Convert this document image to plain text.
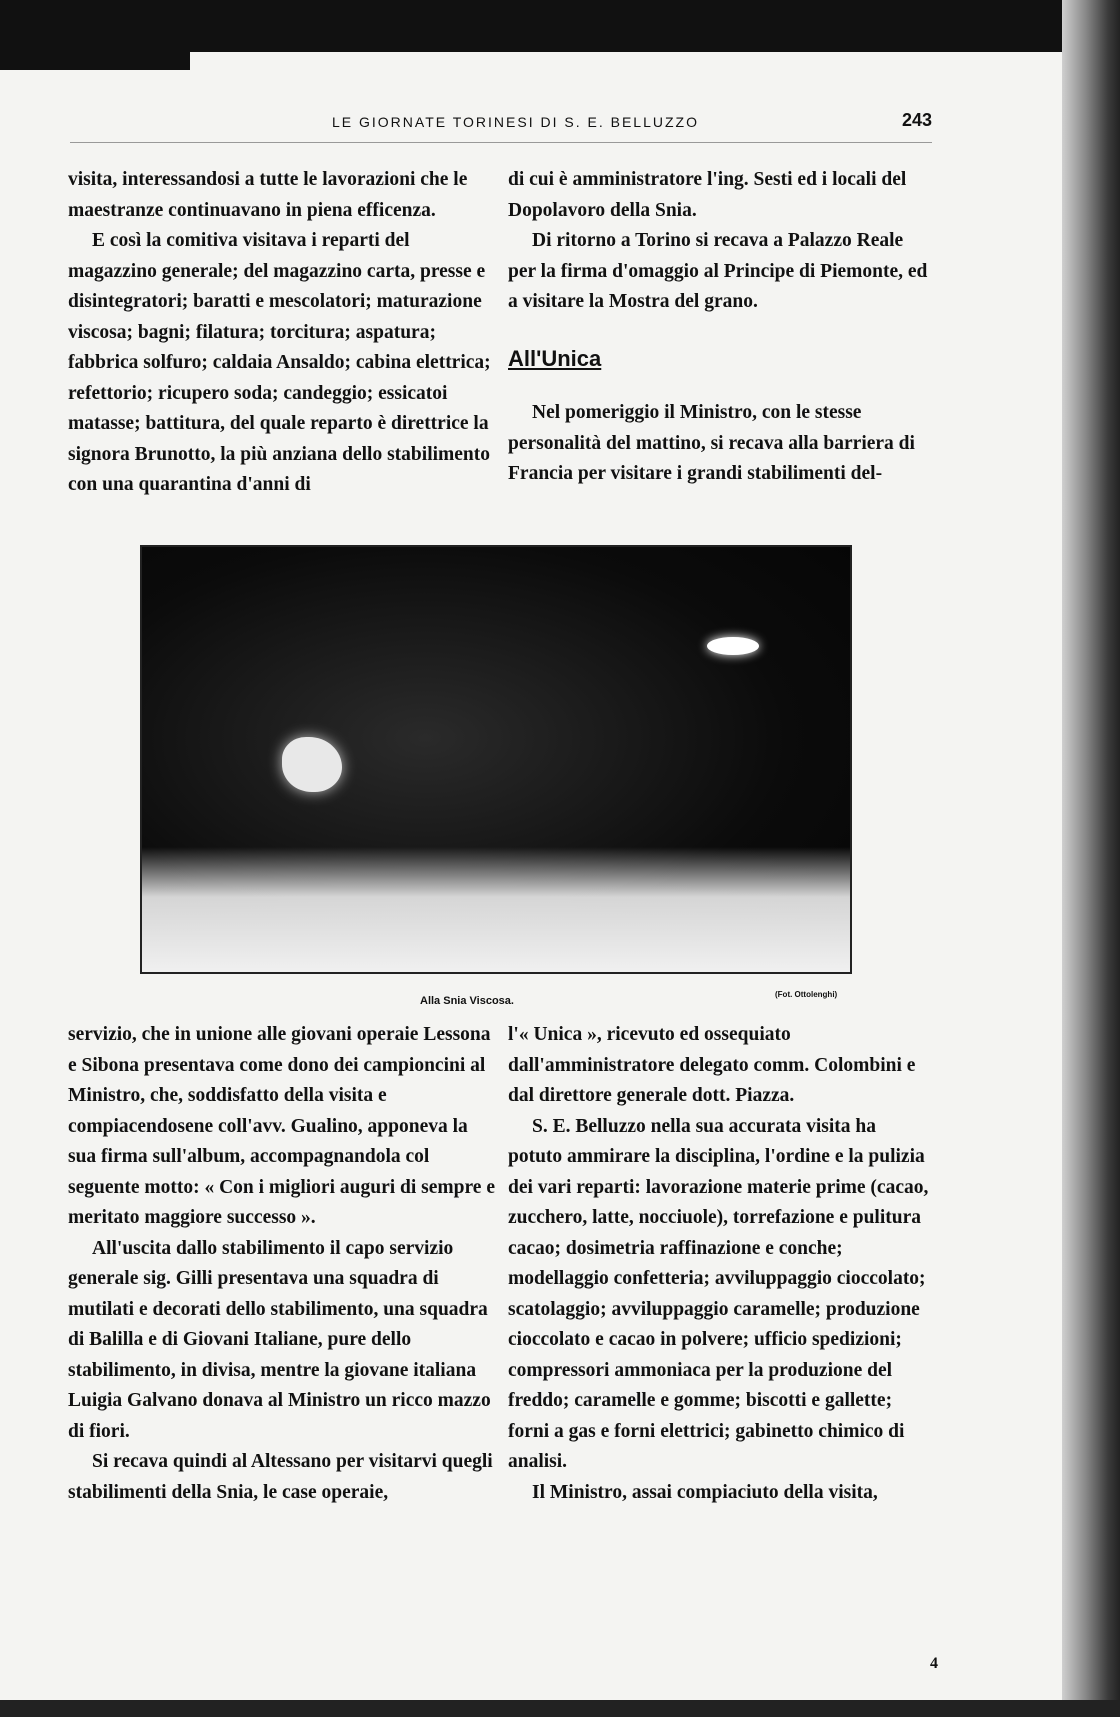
LE GIORNATE TORINESI DI S. E. BELLUZZO	243

visita, interessandosi a tutte le lavorazioni che le maestranze continuavano in piena efficenza.

E così la comitiva visitava i reparti del magazzino generale; del magazzino carta, presse e disintegratori; baratti e mescolatori; maturazione viscosa; bagni; filatura; torcitura; aspatura; fabbrica solfuro; caldaia Ansaldo; cabina elettrica; refettorio; ricupero soda; candeggio; essicatoi matasse; battitura, del quale reparto è direttrice la signora Brunotto, la più anziana dello stabilimento con una quarantina d'anni di

di cui è amministratore l'ing. Sesti ed i locali del Dopolavoro della Snia.

Di ritorno a Torino si recava a Palazzo Reale per la firma d'omaggio al Principe di Piemonte, ed a visitare la Mostra del grano.

All'Unica

Nel pomeriggio il Ministro, con le stesse personalità del mattino, si recava alla barriera di Francia per visitare i grandi stabilimenti del-

Alla Snia Viscosa.
(Fot. Ottolenghi)

servizio, che in unione alle giovani operaie Lessona e Sibona presentava come dono dei campioncini al Ministro, che, soddisfatto della visita e compiacendosene coll'avv. Gualino, apponeva la sua firma sull'album, accompagnandola col seguente motto: « Con i migliori auguri di sempre e meritato maggiore successo ».

All'uscita dallo stabilimento il capo servizio generale sig. Gilli presentava una squadra di mutilati e decorati dello stabilimento, una squadra di Balilla e di Giovani Italiane, pure dello stabilimento, in divisa, mentre la giovane italiana Luigia Galvano donava al Ministro un ricco mazzo di fiori.

Si recava quindi al Altessano per visitarvi quegli stabilimenti della Snia, le case operaie,

l'« Unica », ricevuto ed ossequiato dall'amministratore delegato comm. Colombini e dal direttore generale dott. Piazza.

S. E. Belluzzo nella sua accurata visita ha potuto ammirare la disciplina, l'ordine e la pulizia dei vari reparti: lavorazione materie prime (cacao, zucchero, latte, nocciuole), torrefazione e pulitura cacao; dosimetria raffinazione e conche; modellaggio confetteria; avviluppaggio cioccolato; scatolaggio; avviluppaggio caramelle; produzione cioccolato e cacao in polvere; ufficio spedizioni; compressori ammoniaca per la produzione del freddo; caramelle e gomme; biscotti e gallette; forni a gas e forni elettrici; gabinetto chimico di analisi.

Il Ministro, assai compiaciuto della visita,

4
